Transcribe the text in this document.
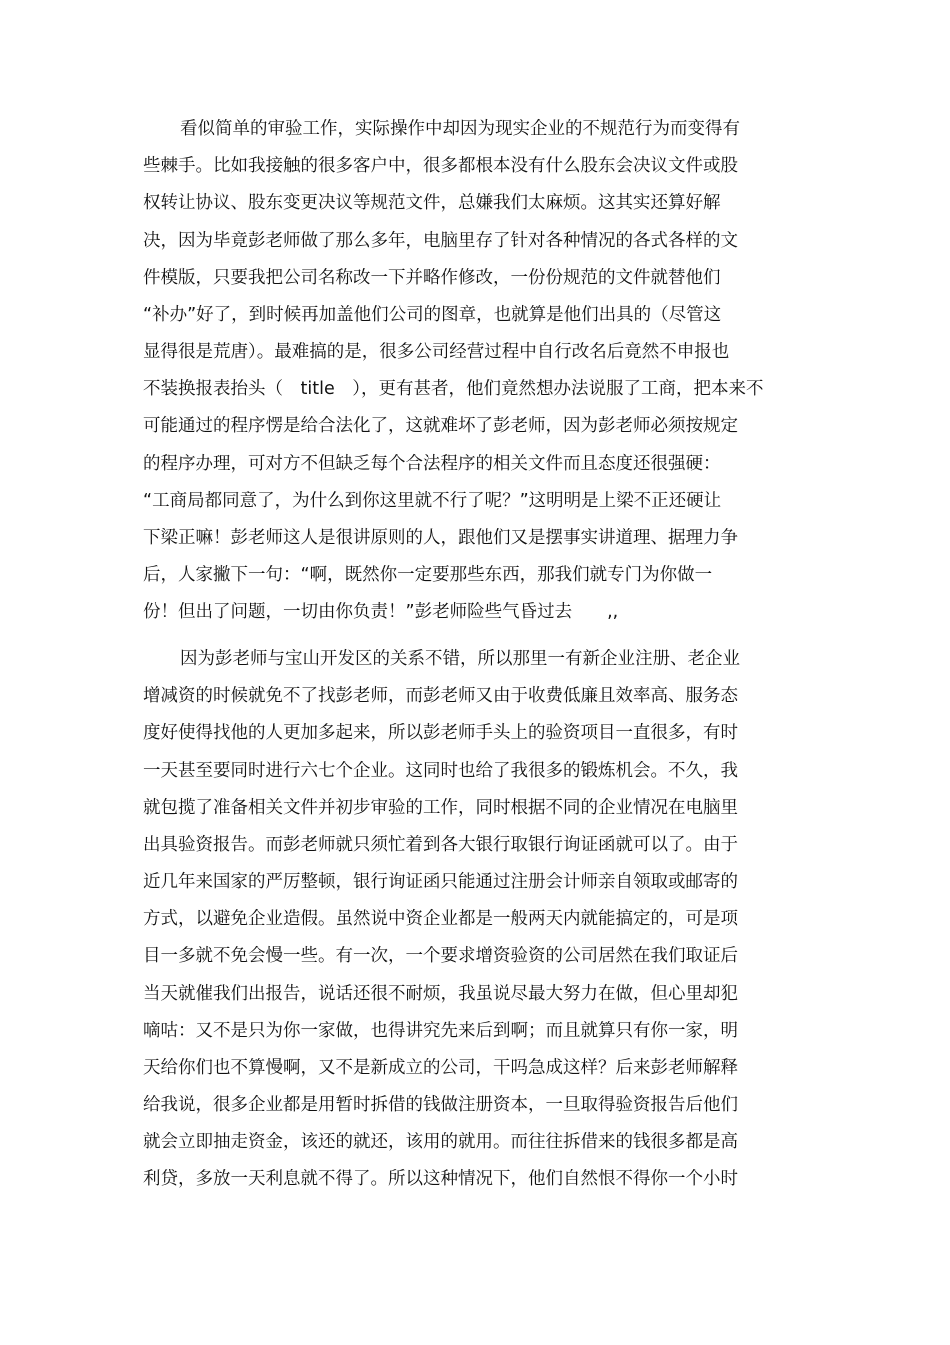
看似简单的审验工作，实际操作中却因为现实企业的不规范行为而变得有
些棘手。比如我接触的很多客户中，很多都根本没有什么股东会决议文件或股
权转让协议、股东变更决议等规范文件，总嫌我们太麻烦。这其实还算好解
决，因为毕竟彭老师做了那么多年，电脑里存了针对各种情况的各式各样的文
件模版，只要我把公司名称改一下并略作修改，一份份规范的文件就替他们
“补办”好了，到时候再加盖他们公司的图章，也就算是他们出具的（尽管这
显得很是荒唐）。最难搞的是，很多公司经营过程中自行改名后竟然不申报也
不装换报表抬头（　title　），更有甚者，他们竟然想办法说服了工商，把本来不
可能通过的程序愣是给合法化了，这就难坏了彭老师，因为彭老师必须按规定
的程序办理，可对方不但缺乏每个合法程序的相关文件而且态度还很强硬：
“工商局都同意了，为什么到你这里就不行了呢？”这明明是上梁不正还硬让
下梁正嘛！彭老师这人是很讲原则的人，跟他们又是摆事实讲道理、据理力争
后，人家撇下一句：“啊，既然你一定要那些东西，那我们就专门为你做一
份！但出了问题，一切由你负责！”彭老师险些气昏过去　　,,
因为彭老师与宝山开发区的关系不错，所以那里一有新企业注册、老企业
增减资的时候就免不了找彭老师，而彭老师又由于收费低廉且效率高、服务态
度好使得找他的人更加多起来，所以彭老师手头上的验资项目一直很多，有时
一天甚至要同时进行六七个企业。这同时也给了我很多的锻炼机会。不久，我
就包揽了准备相关文件并初步审验的工作，同时根据不同的企业情况在电脑里
出具验资报告。而彭老师就只须忙着到各大银行取银行询证函就可以了。由于
近几年来国家的严厉整顿，银行询证函只能通过注册会计师亲自领取或邮寄的
方式，以避免企业造假。虽然说中资企业都是一般两天内就能搞定的，可是项
目一多就不免会慢一些。有一次，一个要求增资验资的公司居然在我们取证后
当天就催我们出报告，说话还很不耐烦，我虽说尽最大努力在做，但心里却犯
嘀咕：又不是只为你一家做，也得讲究先来后到啊；而且就算只有你一家，明
天给你们也不算慢啊，又不是新成立的公司，干吗急成这样？后来彭老师解释
给我说，很多企业都是用暂时拆借的钱做注册资本，一旦取得验资报告后他们
就会立即抽走资金，该还的就还，该用的就用。而往往拆借来的钱很多都是高
利贷，多放一天利息就不得了。所以这种情况下，他们自然恨不得你一个小时
